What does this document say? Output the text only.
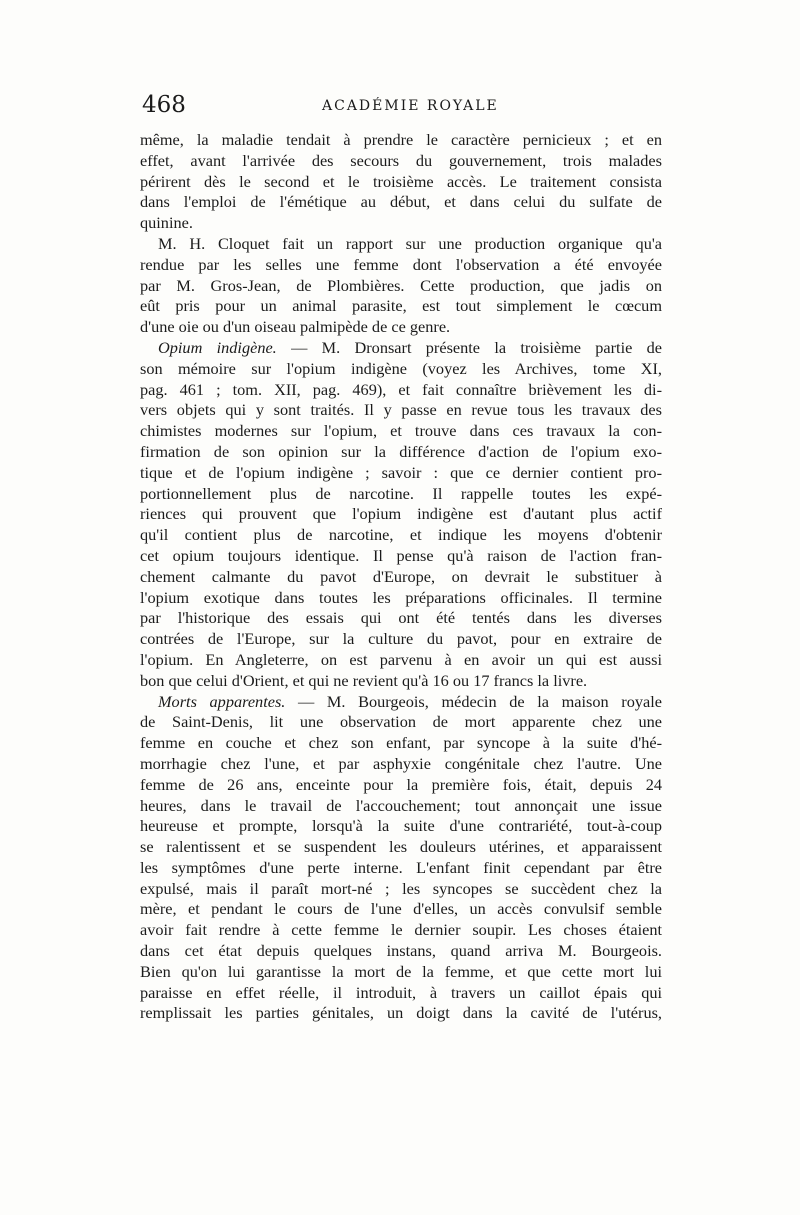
468	ACADÉMIE ROYALE
même, la maladie tendait à prendre le caractère pernicieux ; et en
effet, avant l'arrivée des secours du gouvernement, trois malades
périrent dès le second et le troisième accès. Le traitement consista
dans l'emploi de l'émétique au début, et dans celui du sulfate de
quinine.
M. H. Cloquet fait un rapport sur une production organique qu'a
rendue par les selles une femme dont l'observation a été envoyée
par M. Gros-Jean, de Plombières. Cette production, que jadis on
eût pris pour un animal parasite, est tout simplement le cœcum
d'une oie ou d'un oiseau palmipède de ce genre.
Opium indigène. — M. Dronsart présente la troisième partie de
son mémoire sur l'opium indigène (voyez les Archives, tome XI,
pag. 461 ; tom. XII, pag. 469), et fait connaître brièvement les di-
vers objets qui y sont traités. Il y passe en revue tous les travaux des
chimistes modernes sur l'opium, et trouve dans ces travaux la con-
firmation de son opinion sur la différence d'action de l'opium exo-
tique et de l'opium indigène ; savoir : que ce dernier contient pro-
portionnellement plus de narcotine. Il rappelle toutes les expé-
riences qui prouvent que l'opium indigène est d'autant plus actif
qu'il contient plus de narcotine, et indique les moyens d'obtenir
cet opium toujours identique. Il pense qu'à raison de l'action fran-
chement calmante du pavot d'Europe, on devrait le substituer à
l'opium exotique dans toutes les préparations officinales. Il termine
par l'historique des essais qui ont été tentés dans les diverses
contrées de l'Europe, sur la culture du pavot, pour en extraire de
l'opium. En Angleterre, on est parvenu à en avoir un qui est aussi
bon que celui d'Orient, et qui ne revient qu'à 16 ou 17 francs la livre.
Morts apparentes. — M. Bourgeois, médecin de la maison royale
de Saint-Denis, lit une observation de mort apparente chez une
femme en couche et chez son enfant, par syncope à la suite d'hé-
morrhagie chez l'une, et par asphyxie congénitale chez l'autre. Une
femme de 26 ans, enceinte pour la première fois, était, depuis 24
heures, dans le travail de l'accouchement; tout annonçait une issue
heureuse et prompte, lorsqu'à la suite d'une contrariété, tout-à-coup
se ralentissent et se suspendent les douleurs utérines, et apparaissent
les symptômes d'une perte interne. L'enfant finit cependant par être
expulsé, mais il paraît mort-né ; les syncopes se succèdent chez la
mère, et pendant le cours de l'une d'elles, un accès convulsif semble
avoir fait rendre à cette femme le dernier soupir. Les choses étaient
dans cet état depuis quelques instans, quand arriva M. Bourgeois.
Bien qu'on lui garantisse la mort de la femme, et que cette mort lui
paraisse en effet réelle, il introduit, à travers un caillot épais qui
remplissait les parties génitales, un doigt dans la cavité de l'utérus,
